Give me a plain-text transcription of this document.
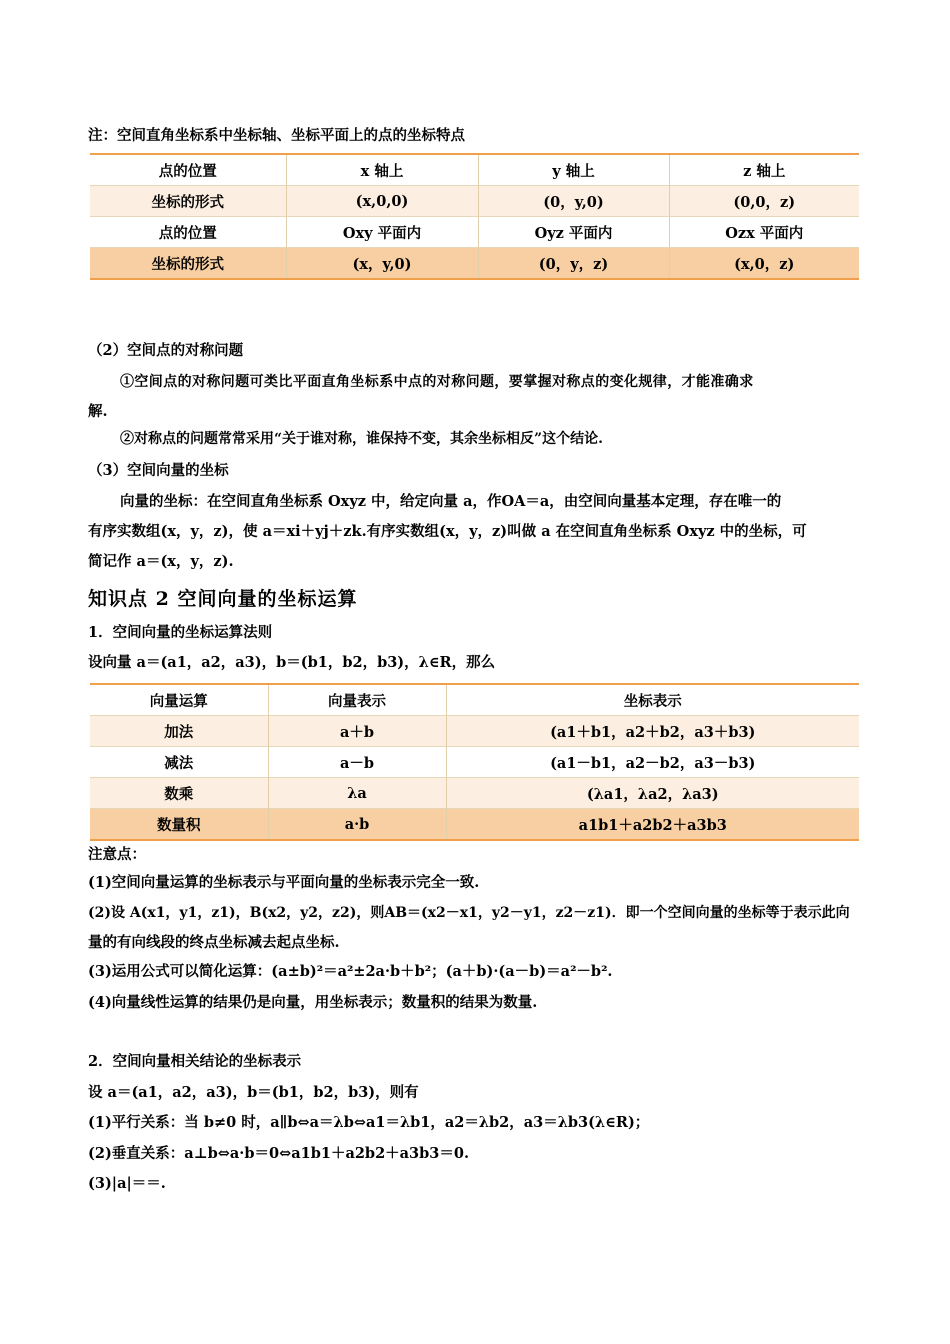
注：空间直角坐标系中坐标轴、坐标平面上的点的坐标特点
点的位置	x 轴上	y 轴上	z 轴上
坐标的形式	(x,0,0)	(0，y,0)	(0,0，z)
点的位置	Oxy 平面内	Oyz 平面内	Ozx 平面内
坐标的形式	(x，y,0)	(0，y，z)	(x,0，z)
（2）空间点的对称问题
①空间点的对称问题可类比平面直角坐标系中点的对称问题，要掌握对称点的变化规律，才能准确求
解.
②对称点的问题常常采用“关于谁对称，谁保持不变，其余坐标相反”这个结论.
（3）空间向量的坐标
向量的坐标：在空间直角坐标系 Oxyz 中，给定向量 a，作OA＝a，由空间向量基本定理，存在唯一的
有序实数组(x，y，z)，使 a＝xi＋yj＋zk.有序实数组(x，y，z)叫做 a 在空间直角坐标系 Oxyz 中的坐标，可
简记作 a＝(x，y，z).
知识点 2 空间向量的坐标运算
1．空间向量的坐标运算法则
设向量 a＝(a1，a2，a3)，b＝(b1，b2，b3)，λ∈R，那么
向量运算	向量表示	坐标表示
加法	a＋b	(a1＋b1，a2＋b2，a3＋b3)
减法	a－b	(a1－b1，a2－b2，a3－b3)
数乘	λa	(λa1，λa2，λa3)
数量积	a·b	a1b1＋a2b2＋a3b3
注意点：
(1)空间向量运算的坐标表示与平面向量的坐标表示完全一致.
(2)设 A(x1，y1，z1)，B(x2，y2，z2)，则AB＝(x2－x1，y2－y1，z2－z1)．即一个空间向量的坐标等于表示此向
量的有向线段的终点坐标减去起点坐标.
(3)运用公式可以简化运算：(a±b)²＝a²±2a·b＋b²；(a＋b)·(a－b)＝a²－b².
(4)向量线性运算的结果仍是向量，用坐标表示；数量积的结果为数量.
2．空间向量相关结论的坐标表示
设 a＝(a1，a2，a3)，b＝(b1，b2，b3)，则有
(1)平行关系：当 b≠0 时，a∥b⇔a＝λb⇔a1＝λb1，a2＝λb2，a3＝λb3(λ∈R)；
(2)垂直关系：a⊥b⇔a·b＝0⇔a1b1＋a2b2＋a3b3＝0.
(3)|a|＝＝.
